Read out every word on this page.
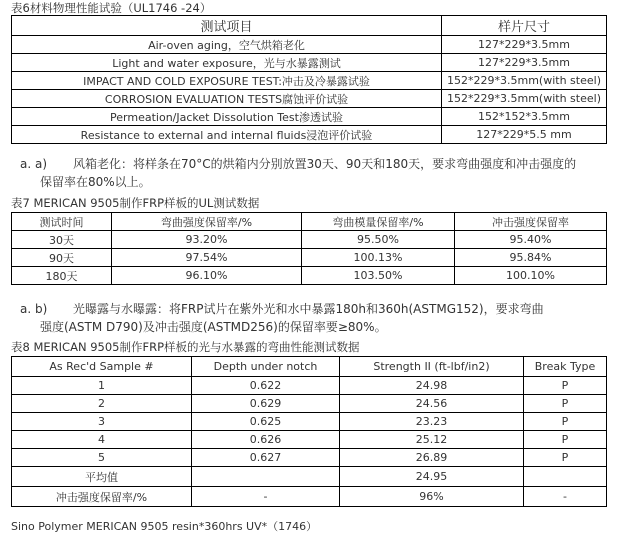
表6材料物理性能试验（UL1746 -24）
测试项目	样片尺寸
Air-oven aging，空气烘箱老化	127*229*3.5mm
Light and water exposure，光与水暴露测试	127*229*3.5mm
IMPACT AND COLD EXPOSURE TEST:冲击及冷暴露试验	152*229*3.5mm(with steel)
CORROSION EVALUATION TESTS腐蚀评价试验	152*229*3.5mm(with steel)
Permeation/Jacket Dissolution Test渗透试验	152*152*3.5mm
Resistance to external and internal fluids浸泡评价试验	127*229*5.5 mm
a. a) 风箱老化：将样条在70°C的烘箱内分别放置30天、90天和180天，要求弯曲强度和冲击强度的
保留率在80%以上。
表7 MERICAN 9505制作FRP样板的UL测试数据
测试时间	弯曲强度保留率/%	弯曲模量保留率/%	冲击强度保留率
30天	93.20%	95.50%	95.40%
90天	97.54%	100.13%	95.84%
180天	96.10%	103.50%	100.10%
a. b) 光曝露与水曝露：将FRP试片在紫外光和水中暴露180h和360h(ASTMG152)，要求弯曲
强度(ASTM D790)及冲击强度(ASTMD256)的保留率要≥80%。
表8 MERICAN 9505制作FRP样板的光与水暴露的弯曲性能测试数据
As Rec'd Sample #	Depth under notch	Strength II (ft-lbf/in2)	Break Type
1	0.622	24.98	P
2	0.629	24.56	P
3	0.625	23.23	P
4	0.626	25.12	P
5	0.627	26.89	P
平均值		24.95	
冲击强度保留率/%	-	96%	-
Sino Polymer MERICAN 9505 resin*360hrs UV*（1746）
